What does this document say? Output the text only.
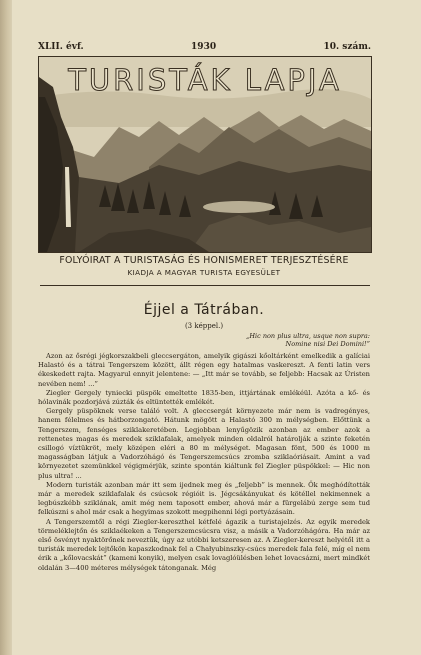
XLII. évf.	1930	10. szám.
TURISTÁK LAPJA
FOLYÓIRAT A TURISTASÁG ÉS HONISMERET TERJESZTÉSÉRE
KIADJA A MAGYAR TURISTA EGYESÜLET
Éjjel a Tátrában.
(3 képpel.)
„Hic non plus ultra, usque non supra: Nomine nisi Dei Domini!”

Azon az ősrégi jégkorszakbeli gleccsergáton, amelyik gigászi kőoltárként emelkedik a galíciai Halastó és a tátrai Tengerszem között, állt régen egy hatalmas vaskereszt. A fenti latin vers ékeskedett rajta. Magyarul ennyit jelentene: — „Itt már se tovább, se feljebb: Hacsak az Úristen nevében nem! ...”

Ziegler Gergely tyniecki püspök emeltette 1835-ben, ittjártának emlékéül. Azóta a kő- és hólavinák pozdorjává zúzták és eltüntették emlékét.

Gergely püspöknek verse találó volt. A gleccsergát környezete már nem is vadregényes, hanem félelmes és hátborzongató. Hátunk mögött a Halastó 300 m mélységben. Előttünk a Tengerszem, fenséges sziklakeretében. Legjobban lenyűgözik azonban az ember azok a rettenetes magas és meredek sziklafalak, amelyek minden oldalról határolják a szinte feketén csillogó víztükröt, mely középen eléri a 80 m mélységet. Magasan fönt, 500 és 1000 m magasságban látjuk a Vadorzóhágó és Tengerszemcsúcs zromba sziklaóriásait. Amint a vad környezetet szemünkkel végigmérjük, szinte spontán kiáltunk fel Ziegler püspökkel: — Hic non plus ultra! ...

Modern turisták azonban már itt sem ijednek meg és „feljebb” is mennek. Ők meghódították már a meredek sziklafalak és csúcsok régióit is. Jégcsákányukat és kötéllel nekimennek a legbúszkébb sziklának, amit még nem taposott ember, ahová már a fürgelábú zerge sem tud felkúszni s ahol már csak a hegyimas szokott megpihenni légi portyázásain.

A Tengerszemtől a régi Ziegler-kereszthel kétfelé ágazik a turistajelzés. Az egyik meredek törmeléklejtőn és sziklaékeken a Tengerszemcsúcsra visz, a másik a Vadorzóhágóra. Ha már az első ösvényt nyaktörőnek neveztük, úgy az utóbbi ketszeresen az. A Ziegler-kereszt helyétől itt a turisták meredek lejtőkön kapaszkodnak fel a Chałyubinszky-csúcs meredek fala felé, míg el nem érik a „kőlovacskát” (kameni konyik), melyen csak lovaglóülésben lehet lovacsázni, mert mindkét oldalán 3—400 méteres mélységek tátonganak. Még
